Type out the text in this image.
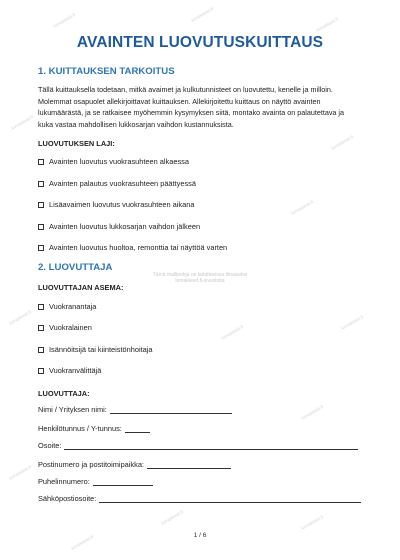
AVAINTEN LUOVUTUSKUITTAUS
1. KUITTAUKSEN TARKOITUS
Tällä kuittauksella todetaan, mitkä avaimet ja kulkutunnisteet on luovutettu, kenelle ja milloin.
Molemmat osapuolet allekirjoittavat kuittauksen. Allekirjoitettu kuittaus on näyttö avainten
lukumäärästä, ja se ratkaisee myöhemmin kysymyksen siitä, montako avainta on palautettava ja
kuka vastaa mahdollisen lukkosarjan vaihdon kustannuksista.
LUOVUTUKSEN LAJI:
Avainten luovutus vuokrasuhteen alkaessa
Avainten palautus vuokrasuhteen päättyessä
Lisäavaimen luovutus vuokrasuhteen aikana
Avainten luovutus lukkosarjan vaihdon jälkeen
Avainten luovutus huoltoa, remonttia tai näyttöä varten
2. LUOVUTTAJA
Tämä mallipohja on ladattavissa ilmaiseksi
lomakkeet.fi-sivustolta
LUOVUTTAJAN ASEMA:
Vuokranantaja
Vuokralainen
Isännöitsijä tai kiinteistönhoitaja
Vuokranvälittäjä
LUOVUTTAJA:
Nimi / Yrityksen nimi:
Henkilötunnus / Y-tunnus:
Osoite:
Postinumero ja postitoimipaikka:
Puhelinnumero:
Sähköpostiosoite:
1 / 6
lomakkeet.fi	lomakkeet.fi
lomakkeet.fi
lomakkeet.fi
lomakkeet.fi
lomakkeet.fi
lomakkeet.fi
lomakkeet.fi
lomakkeet.fi
lomakkeet.fi
lomakkeet.fi
lomakkeet.fi	lomakkeet.fi
lomakkeet.fi
